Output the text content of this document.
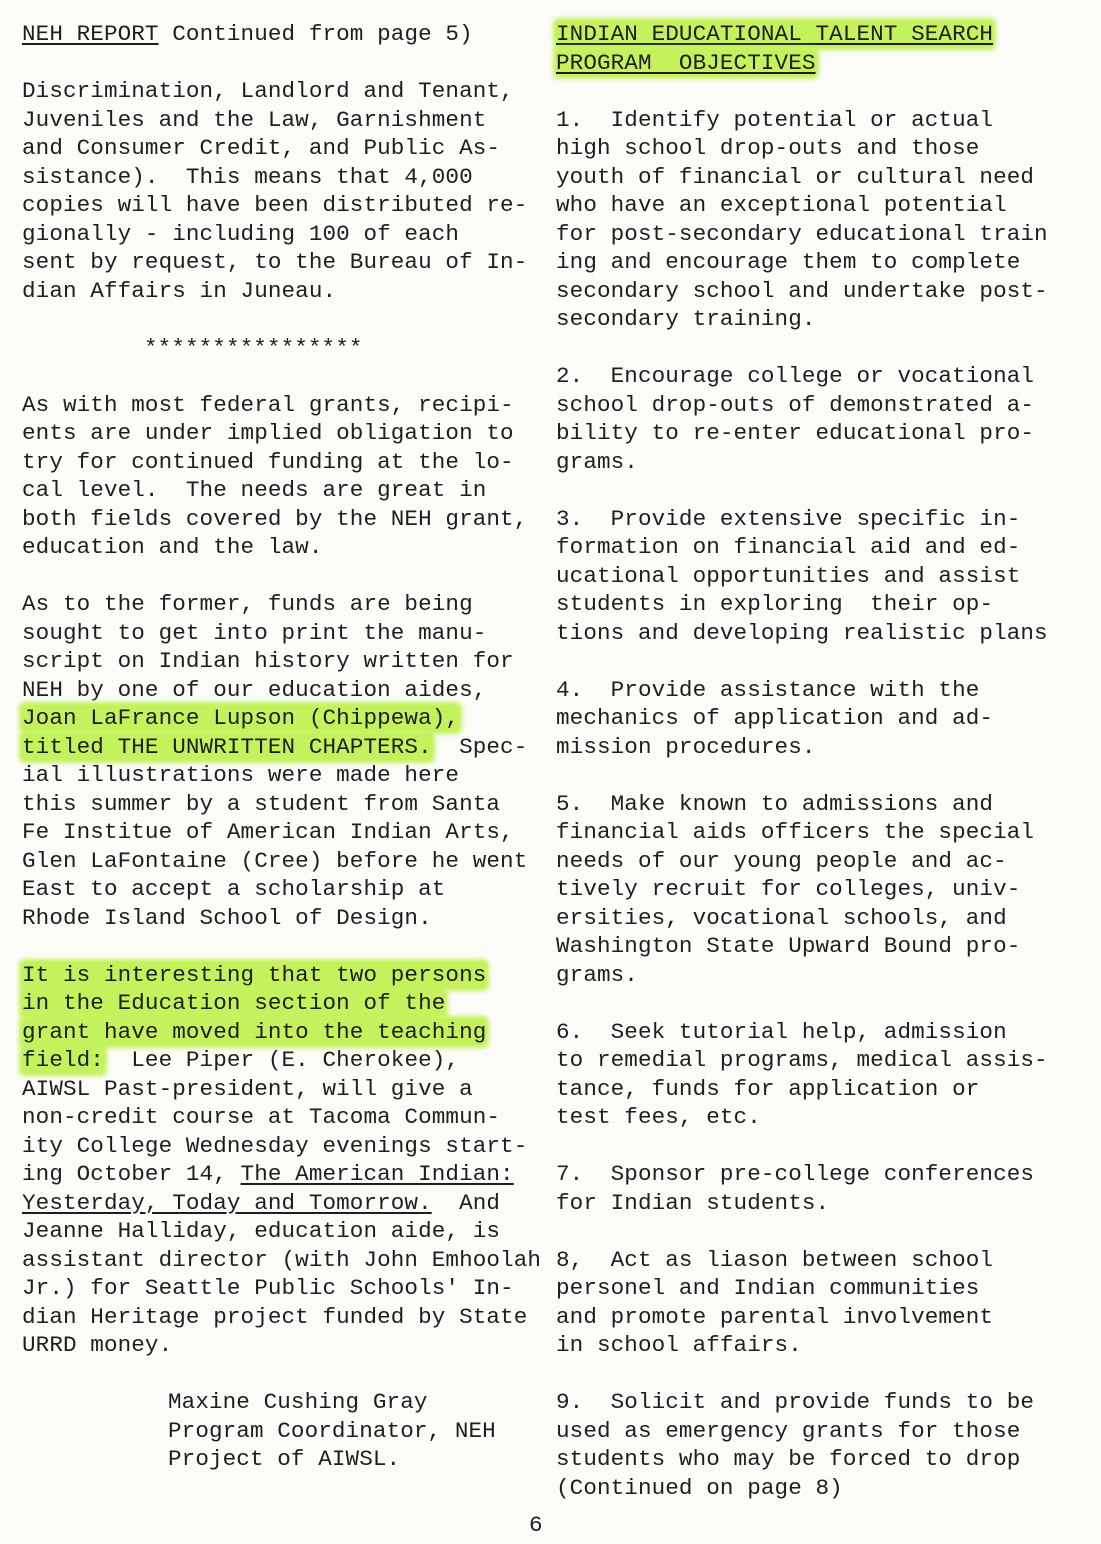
NEH REPORT Continued from page 5)
Discrimination, Landlord and Tenant,
Juveniles and the Law, Garnishment
and Consumer Credit, and Public As-
sistance).  This means that 4,000
copies will have been distributed re-
gionally - including 100 of each
sent by request, to the Bureau of In-
dian Affairs in Juneau.
****************
As with most federal grants, recipi-
ents are under implied obligation to
try for continued funding at the lo-
cal level.  The needs are great in
both fields covered by the NEH grant,
education and the law.
As to the former, funds are being
sought to get into print the manu-
script on Indian history written for
NEH by one of our education aides,
Joan LaFrance Lupson (Chippewa),
titled THE UNWRITTEN CHAPTERS.  Spec-
ial illustrations were made here
this summer by a student from Santa
Fe Institue of American Indian Arts,
Glen LaFontaine (Cree) before he went
East to accept a scholarship at
Rhode Island School of Design.
It is interesting that two persons
in the Education section of the
grant have moved into the teaching
field:  Lee Piper (E. Cherokee),
AIWSL Past-president, will give a
non-credit course at Tacoma Commun-
ity College Wednesday evenings start-
ing October 14, The American Indian:
Yesterday, Today and Tomorrow.  And
Jeanne Halliday, education aide, is
assistant director (with John Emhoolah
Jr.) for Seattle Public Schools' In-
dian Heritage project funded by State
URRD money.
Maxine Cushing Gray
Program Coordinator, NEH
Project of AIWSL.
INDIAN EDUCATIONAL TALENT SEARCH
PROGRAM  OBJECTIVES
1.  Identify potential or actual
high school drop-outs and those
youth of financial or cultural need
who have an exceptional potential
for post-secondary educational train
ing and encourage them to complete
secondary school and undertake post-
secondary training.
2.  Encourage college or vocational
school drop-outs of demonstrated a-
bility to re-enter educational pro-
grams.
3.  Provide extensive specific in-
formation on financial aid and ed-
ucational opportunities and assist
students in exploring  their op-
tions and developing realistic plans
4.  Provide assistance with the
mechanics of application and ad-
mission procedures.
5.  Make known to admissions and
financial aids officers the special
needs of our young people and ac-
tively recruit for colleges, univ-
ersities, vocational schools, and
Washington State Upward Bound pro-
grams.
6.  Seek tutorial help, admission
to remedial programs, medical assis-
tance, funds for application or
test fees, etc.
7.  Sponsor pre-college conferences
for Indian students.
8,  Act as liason between school
personel and Indian communities
and promote parental involvement
in school affairs.
9.  Solicit and provide funds to be
used as emergency grants for those
students who may be forced to drop
(Continued on page 8)
6
